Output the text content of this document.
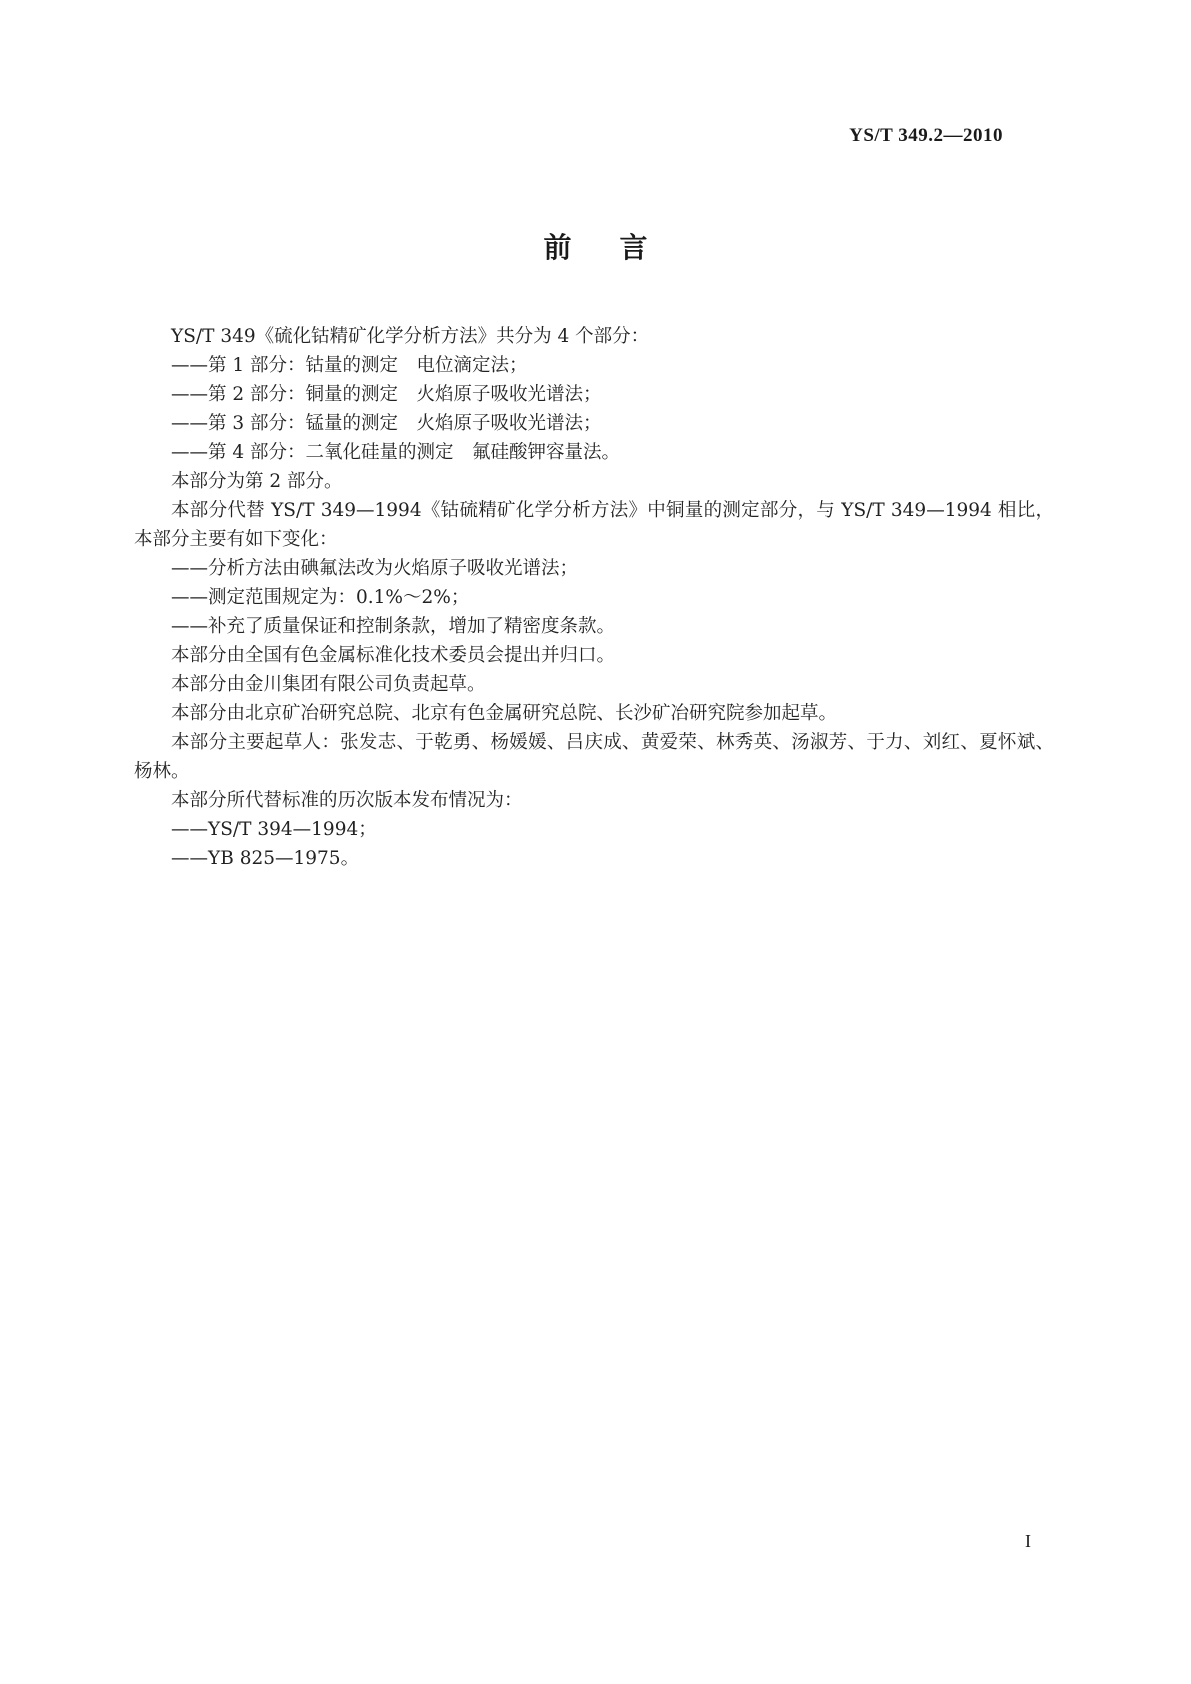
YS/T 349.2—2010
前言

YS/T 349《硫化钴精矿化学分析方法》共分为 4 个部分：

——第 1 部分：钴量的测定　电位滴定法；

——第 2 部分：铜量的测定　火焰原子吸收光谱法；

——第 3 部分：锰量的测定　火焰原子吸收光谱法；

——第 4 部分：二氧化硅量的测定　氟硅酸钾容量法。

本部分为第 2 部分。

本部分代替 YS/T 349—1994《钴硫精矿化学分析方法》中铜量的测定部分，与 YS/T 349—1994 相比，本部分主要有如下变化：

——分析方法由碘氟法改为火焰原子吸收光谱法；

——测定范围规定为：0.1%～2%；

——补充了质量保证和控制条款，增加了精密度条款。

本部分由全国有色金属标准化技术委员会提出并归口。

本部分由金川集团有限公司负责起草。

本部分由北京矿冶研究总院、北京有色金属研究总院、长沙矿冶研究院参加起草。

本部分主要起草人：张发志、于乾勇、杨媛媛、吕庆成、黄爱荣、林秀英、汤淑芳、于力、刘红、夏怀斌、杨林。

本部分所代替标准的历次版本发布情况为：

——YS/T 394—1994；

——YB 825—1975。

I
